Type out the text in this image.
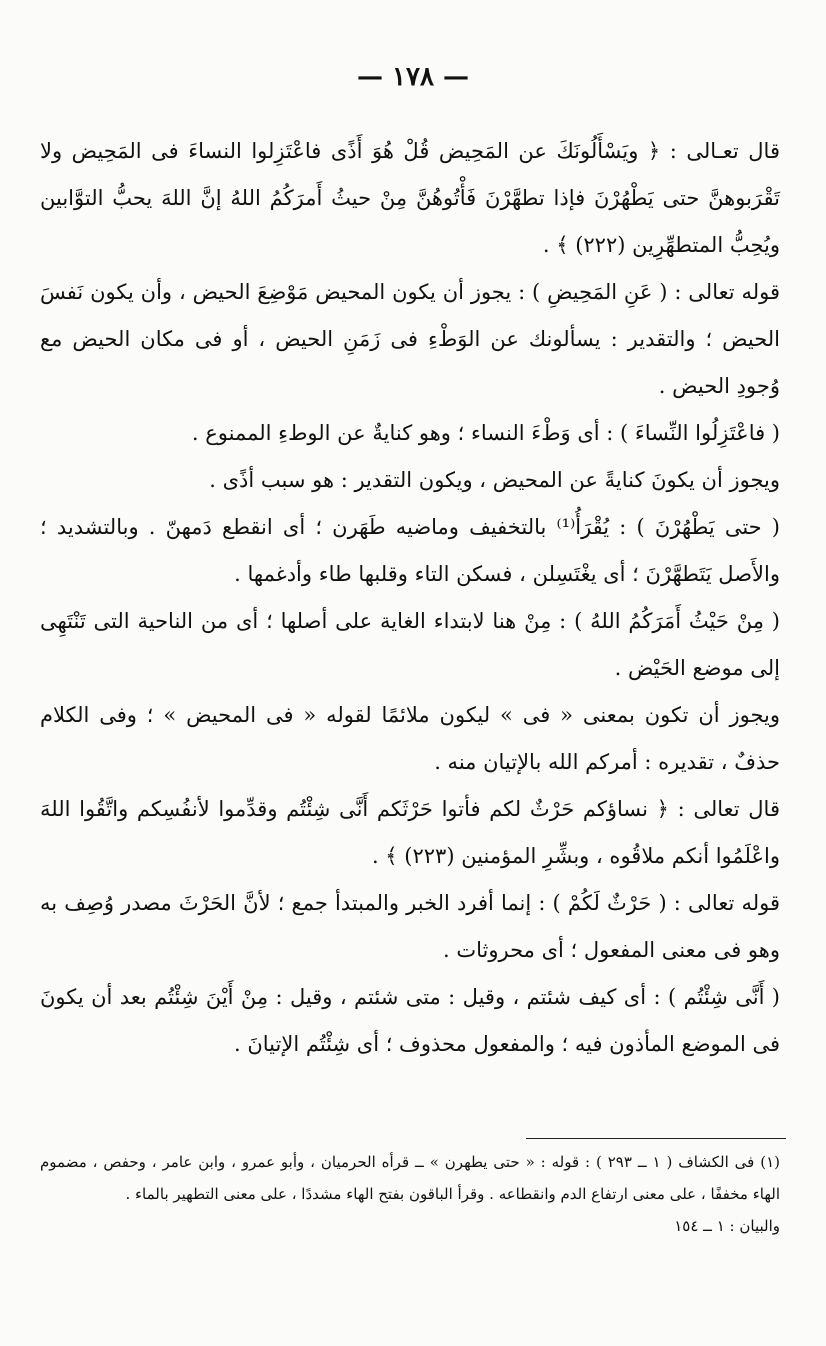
— ١٧٨ —

قال تعـالى : ﴿ ويَسْأَلُونَكَ عن المَحِيض قُلْ هُوَ أَذًى فاعْتَزِلوا النساءَ فى المَحِيض ولا تَقْرَبوهنَّ حتى يَطْهُرْنَ فإذا تطهَّرْنَ فَأْتُوهُنَّ مِنْ حيثُ أَمرَكُمُ اللهُ إنَّ اللهَ يحبُّ التوَّابين ويُحِبُّ المتطهِّرِين (٢٢٢) ﴾ .

قوله تعالى : ( عَنِ المَحِيضِ ) : يجوز أن يكون المحيض مَوْضِعَ الحيض ، وأن يكون نَفسَ الحيض ؛ والتقدير : يسألونك عن الوَطْءِ فى زَمَنِ الحيض ، أو فى مكان الحيض مع وُجودِ الحيض .

( فاعْتَزِلُوا النِّساءَ ) : أى وَطْءَ النساء ؛ وهو كنايةٌ عن الوطءِ الممنوع .

ويجوز أن يكونَ كنايةً عن المحيض ، ويكون التقدير : هو سبب أذًى .

( حتى يَطْهُرْنَ ) : يُقْرَأُ⁽¹⁾ بالتخفيف وماضيه طَهَرن ؛ أى انقطع دَمهنّ . وبالتشديد ؛ والأَصل يَتَطهَّرْنَ ؛ أى يغْتَسِلن ، فسكن التاء وقلبها طاء وأدغمها .

( مِنْ حَيْثُ أَمَرَكُمُ اللهُ ) : مِنْ هنا لابتداء الغاية على أصلها ؛ أى من الناحية التى تَنْتَهِى إلى موضع الحَيْض .

ويجوز أن تكون بمعنى « فى » ليكون ملائمًا لقوله « فى المحيض » ؛ وفى الكلام حذفٌ ، تقديره : أمركم الله بالإتيان منه .

قال تعالى : ﴿ نساؤكم حَرْثٌ لكم فأتوا حَرْثَكم أَنَّى شِئْتُم وقدِّموا لأنفُسِكم واتَّقُوا اللهَ واعْلَمُوا أنكم ملاقُوه ، وبشِّرِ المؤمنين (٢٢٣) ﴾ .

قوله تعالى : ( حَرْثٌ لَكُمْ ) : إنما أفرد الخبر والمبتدأ جمع ؛ لأنَّ الحَرْثَ مصدر وُصِف به وهو فى معنى المفعول ؛ أى محروثات .

( أَنَّى شِئْتُم ) : أى كيف شئتم ، وقيل : متى شئتم ، وقيل : مِنْ أَيْنَ شِئْتُم بعد أن يكونَ فى الموضع المأذون فيه ؛ والمفعول محذوف ؛ أى شِئْتُم الإتيانَ .

(١) فى الكشاف ( ١ ــ ٢٩٣ ) : قوله : « حتى يطهرن » ــ قرأه الحرميان ، وأبو عمرو ، وابن عامر ، وحفص ، مضموم الهاء مخففًا ، على معنى ارتفاع الدم وانقطاعه . وقرأ الباقون بفتح الهاء مشددًا ، على معنى التطهير بالماء .

والبيان : ١ ــ ١٥٤
